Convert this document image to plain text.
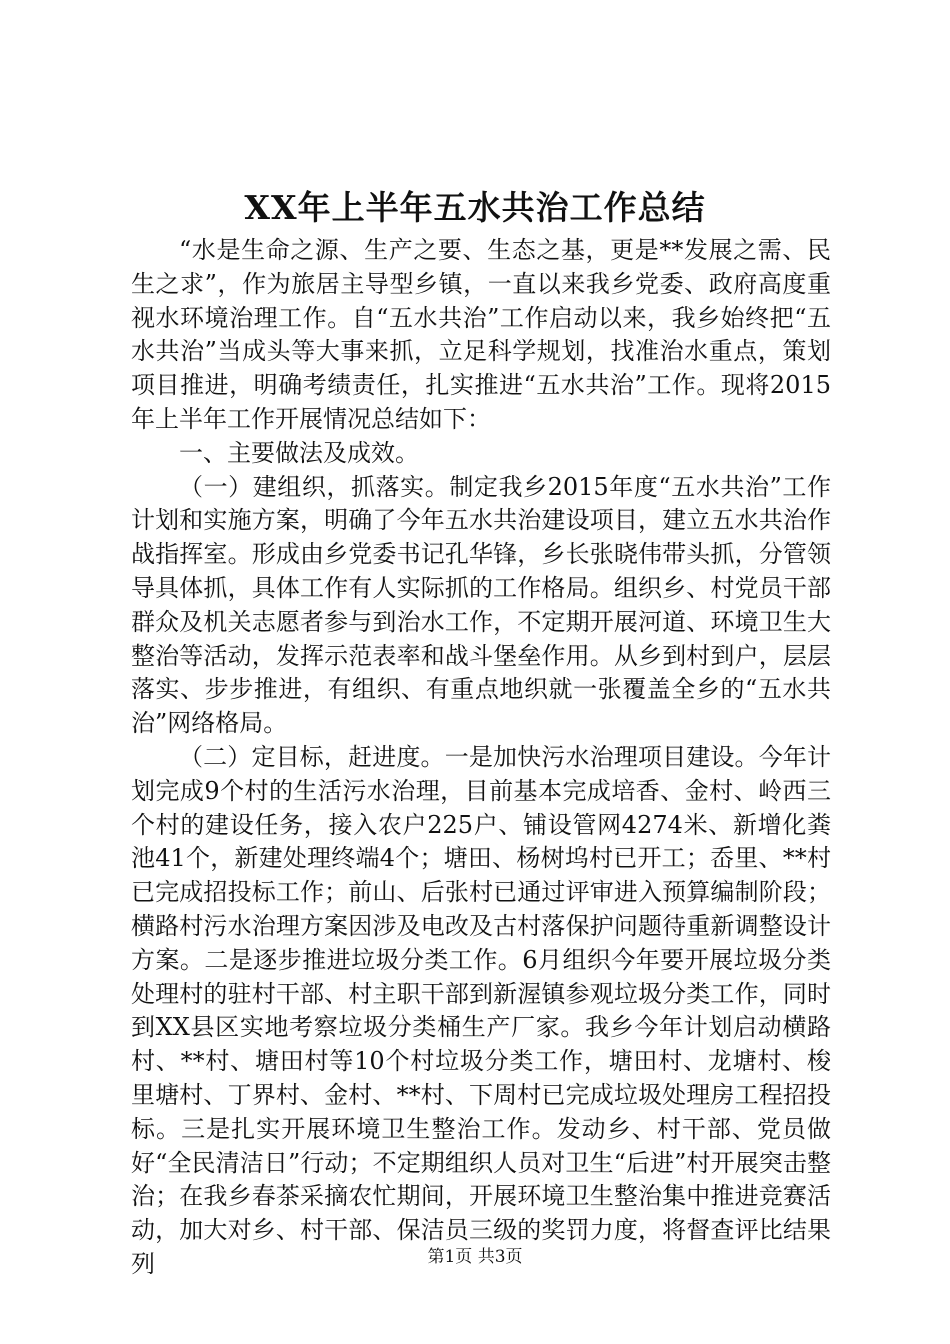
XX年上半年五水共治工作总结

“水是生命之源、生产之要、生态之基，更是**发展之需、民生之求”，作为旅居主导型乡镇，一直以来我乡党委、政府高度重视水环境治理工作。自“五水共治”工作启动以来，我乡始终把“五水共治”当成头等大事来抓，立足科学规划，找准治水重点，策划项目推进，明确考绩责任，扎实推进“五水共治”工作。现将2015年上半年工作开展情况总结如下：

一、主要做法及成效。

（一）建组织，抓落实。制定我乡2015年度“五水共治”工作计划和实施方案，明确了今年五水共治建设项目，建立五水共治作战指挥室。形成由乡党委书记孔华锋，乡长张晓伟带头抓，分管领导具体抓，具体工作有人实际抓的工作格局。组织乡、村党员干部群众及机关志愿者参与到治水工作，不定期开展河道、环境卫生大整治等活动，发挥示范表率和战斗堡垒作用。从乡到村到户，层层落实、步步推进，有组织、有重点地织就一张覆盖全乡的“五水共治”网络格局。

（二）定目标，赶进度。一是加快污水治理项目建设。今年计划完成9个村的生活污水治理，目前基本完成培香、金村、岭西三个村的建设任务，接入农户225户、铺设管网4274米、新增化粪池41个，新建处理终端4个；塘田、杨树坞村已开工；岙里、**村已完成招投标工作；前山、后张村已通过评审进入预算编制阶段；横路村污水治理方案因涉及电改及古村落保护问题待重新调整设计方案。二是逐步推进垃圾分类工作。6月组织今年要开展垃圾分类处理村的驻村干部、村主职干部到新渥镇参观垃圾分类工作，同时到XX县区实地考察垃圾分类桶生产厂家。我乡今年计划启动横路村、**村、塘田村等10个村垃圾分类工作，塘田村、龙塘村、梭里塘村、丁界村、金村、**村、下周村已完成垃圾处理房工程招投标。三是扎实开展环境卫生整治工作。发动乡、村干部、党员做好“全民清洁日”行动；不定期组织人员对卫生“后进”村开展突击整治；在我乡春茶采摘农忙期间，开展环境卫生整治集中推进竞赛活动，加大对乡、村干部、保洁员三级的奖罚力度，将督查评比结果列	第1页 共3页
